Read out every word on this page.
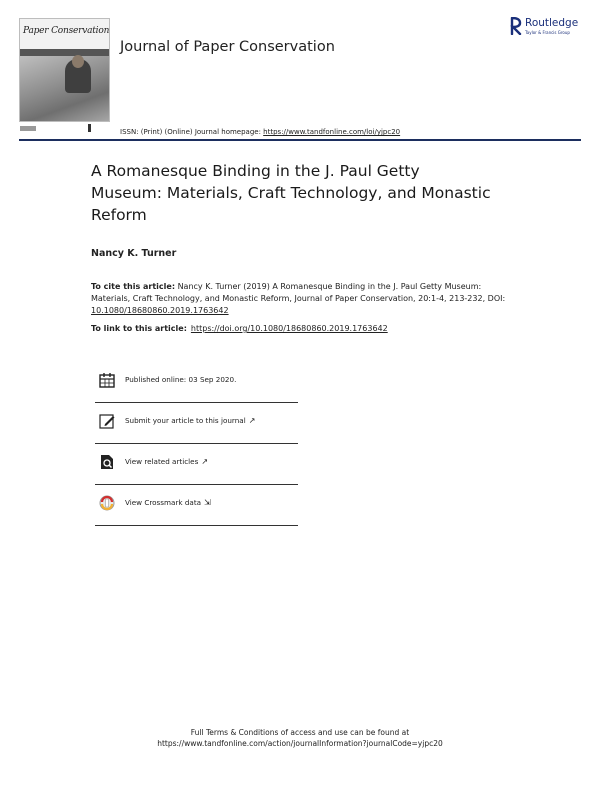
Paper Conservation
Journal of Paper Conservation
Routledge
Taylor & Francis Group
ISSN: (Print) (Online) Journal homepage: https://www.tandfonline.com/loi/yjpc20
A Romanesque Binding in the J. Paul Getty Museum: Materials, Craft Technology, and Monastic Reform
Nancy K. Turner
To cite this article: Nancy K. Turner (2019) A Romanesque Binding in the J. Paul Getty Museum: Materials, Craft Technology, and Monastic Reform, Journal of Paper Conservation, 20:1-4, 213-232, DOI: 10.1080/18680860.2019.1763642
To link to this article: https://doi.org/10.1080/18680860.2019.1763642
Published online: 03 Sep 2020.
Submit your article to this journal ↗
View related articles ↗
View Crossmark data ⇲
Full Terms & Conditions of access and use can be found at
https://www.tandfonline.com/action/journalInformation?journalCode=yjpc20
